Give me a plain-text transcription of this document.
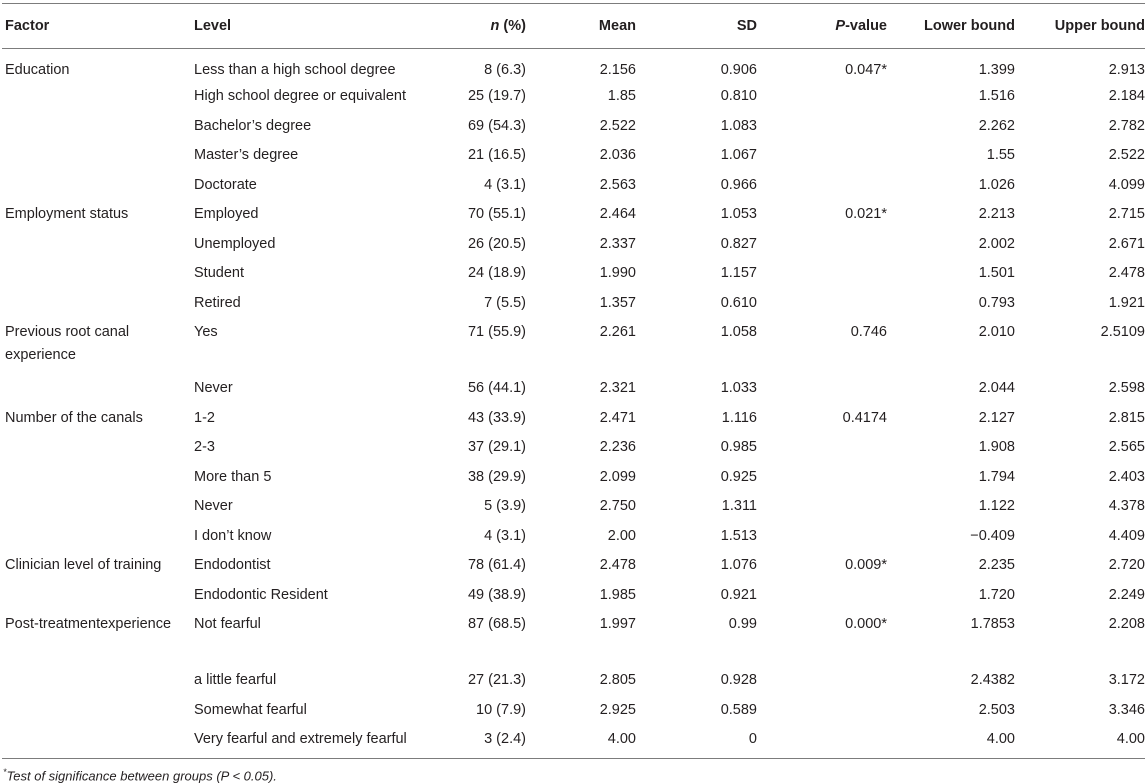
Factor	Level	n (%)	Mean	SD	P-value	Lower bound	Upper bound
Education	Less than a high school degree	8 (6.3)	2.156	0.906	0.047*	1.399	2.913
	High school degree or equivalent	25 (19.7)	1.85	0.810		1.516	2.184
	Bachelor’s degree	69 (54.3)	2.522	1.083		2.262	2.782
	Master’s degree	21 (16.5)	2.036	1.067		1.55	2.522
	Doctorate	4 (3.1)	2.563	0.966		1.026	4.099
Employment status	Employed	70 (55.1)	2.464	1.053	0.021*	2.213	2.715
	Unemployed	26 (20.5)	2.337	0.827		2.002	2.671
	Student	24 (18.9)	1.990	1.157		1.501	2.478
	Retired	7 (5.5)	1.357	0.610		0.793	1.921
Previous root canal experience	Yes	71 (55.9)	2.261	1.058	0.746	2.010	2.5109
	Never	56 (44.1)	2.321	1.033		2.044	2.598
Number of the canals	1-2	43 (33.9)	2.471	1.116	0.4174	2.127	2.815
	2-3	37 (29.1)	2.236	0.985		1.908	2.565
	More than 5	38 (29.9)	2.099	0.925		1.794	2.403
	Never	5 (3.9)	2.750	1.311		1.122	4.378
	I don’t know	4 (3.1)	2.00	1.513		−0.409	4.409
Clinician level of training	Endodontist	78 (61.4)	2.478	1.076	0.009*	2.235	2.720
	Endodontic Resident	49 (38.9)	1.985	0.921		1.720	2.249
Post-treatmentexperience	Not fearful	87 (68.5)	1.997	0.99	0.000*	1.7853	2.208
	a little fearful	27 (21.3)	2.805	0.928		2.4382	3.172
	Somewhat fearful	10 (7.9)	2.925	0.589		2.503	3.346
	Very fearful and extremely fearful	3 (2.4)	4.00	0		4.00	4.00
*Test of significance between groups (P < 0.05).
